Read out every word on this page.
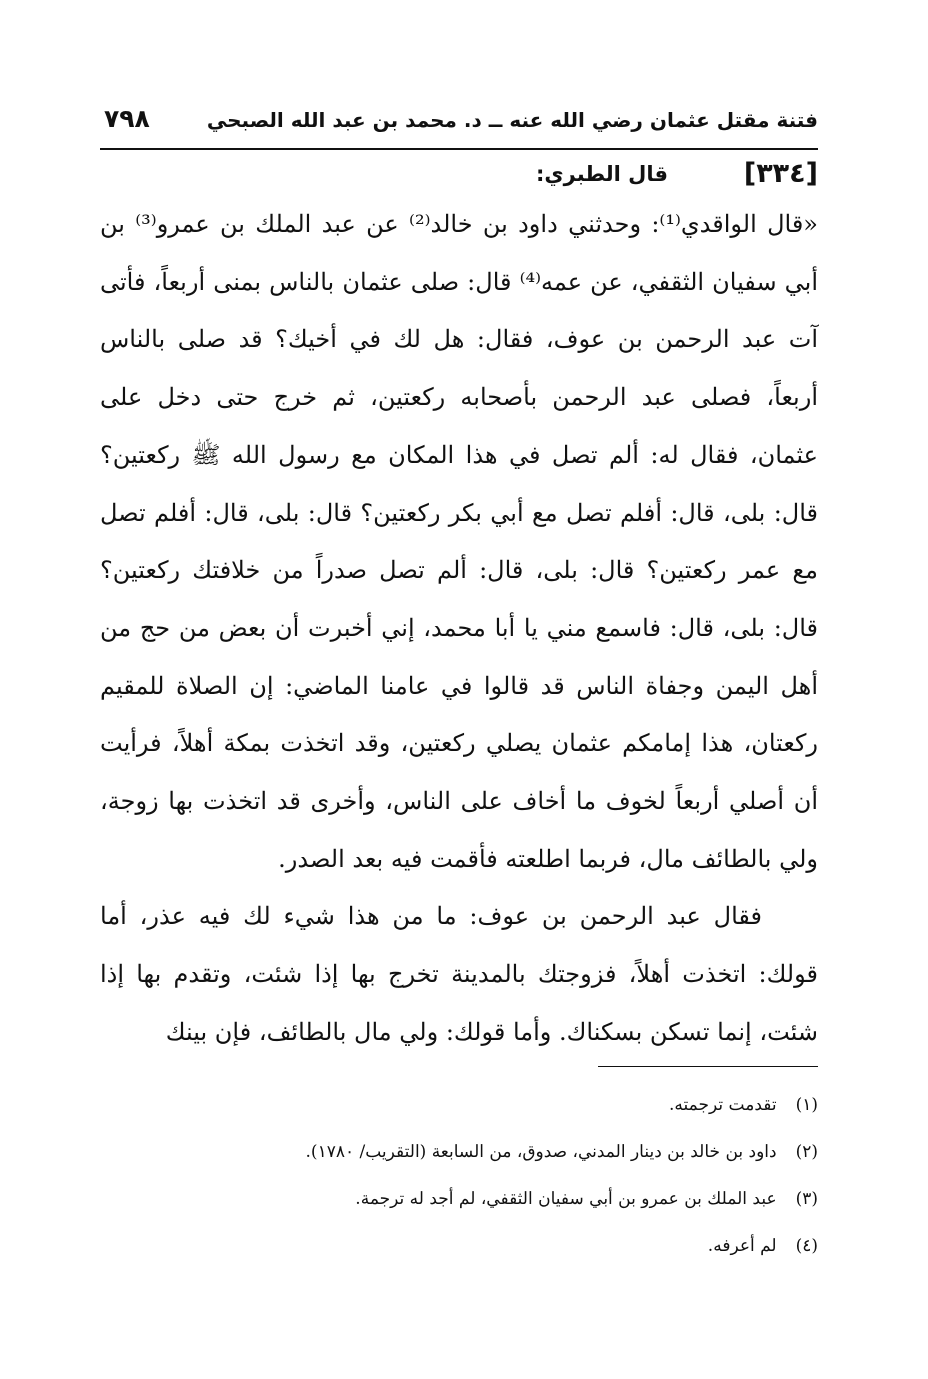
فتنة مقتل عثمان رضي الله عنه ــ د. محمد بن عبد الله الصبحي
٧٩٨
[٣٣٤]
قال الطبري:

«قال الواقدي⁽¹⁾: وحدثني داود بن خالد⁽²⁾ عن عبد الملك بن عمرو⁽³⁾ بن أبي سفيان الثقفي، عن عمه⁽⁴⁾ قال: صلى عثمان بالناس بمنى أربعاً، فأتى آت عبد الرحمن بن عوف، فقال: هل لك في أخيك؟ قد صلى بالناس أربعاً، فصلى عبد الرحمن بأصحابه ركعتين، ثم خرج حتى دخل على عثمان، فقال له: ألم تصل في هذا المكان مع رسول الله ﷺ ركعتين؟ قال: بلى، قال: أفلم تصل مع أبي بكر ركعتين؟ قال: بلى، قال: أفلم تصل مع عمر ركعتين؟ قال: بلى، قال: ألم تصل صدراً من خلافتك ركعتين؟ قال: بلى، قال: فاسمع مني يا أبا محمد، إني أخبرت أن بعض من حج من أهل اليمن وجفاة الناس قد قالوا في عامنا الماضي: إن الصلاة للمقيم ركعتان، هذا إمامكم عثمان يصلي ركعتين، وقد اتخذت بمكة أهلاً، فرأيت أن أصلي أربعاً لخوف ما أخاف على الناس، وأخرى قد اتخذت بها زوجة، ولي بالطائف مال، فربما اطلعته فأقمت فيه بعد الصدر.

فقال عبد الرحمن بن عوف: ما من هذا شيء لك فيه عذر، أما قولك: اتخذت أهلاً، فزوجتك بالمدينة تخرج بها إذا شئت، وتقدم بها إذا شئت، إنما تسكن بسكناك. وأما قولك: ولي مال بالطائف، فإن بينك

(١) تقدمت ترجمته.
(٢) داود بن خالد بن دينار المدني، صدوق، من السابعة (التقريب/ ١٧٨٠).
(٣) عبد الملك بن عمرو بن أبي سفيان الثقفي، لم أجد له ترجمة.
(٤) لم أعرفه.
